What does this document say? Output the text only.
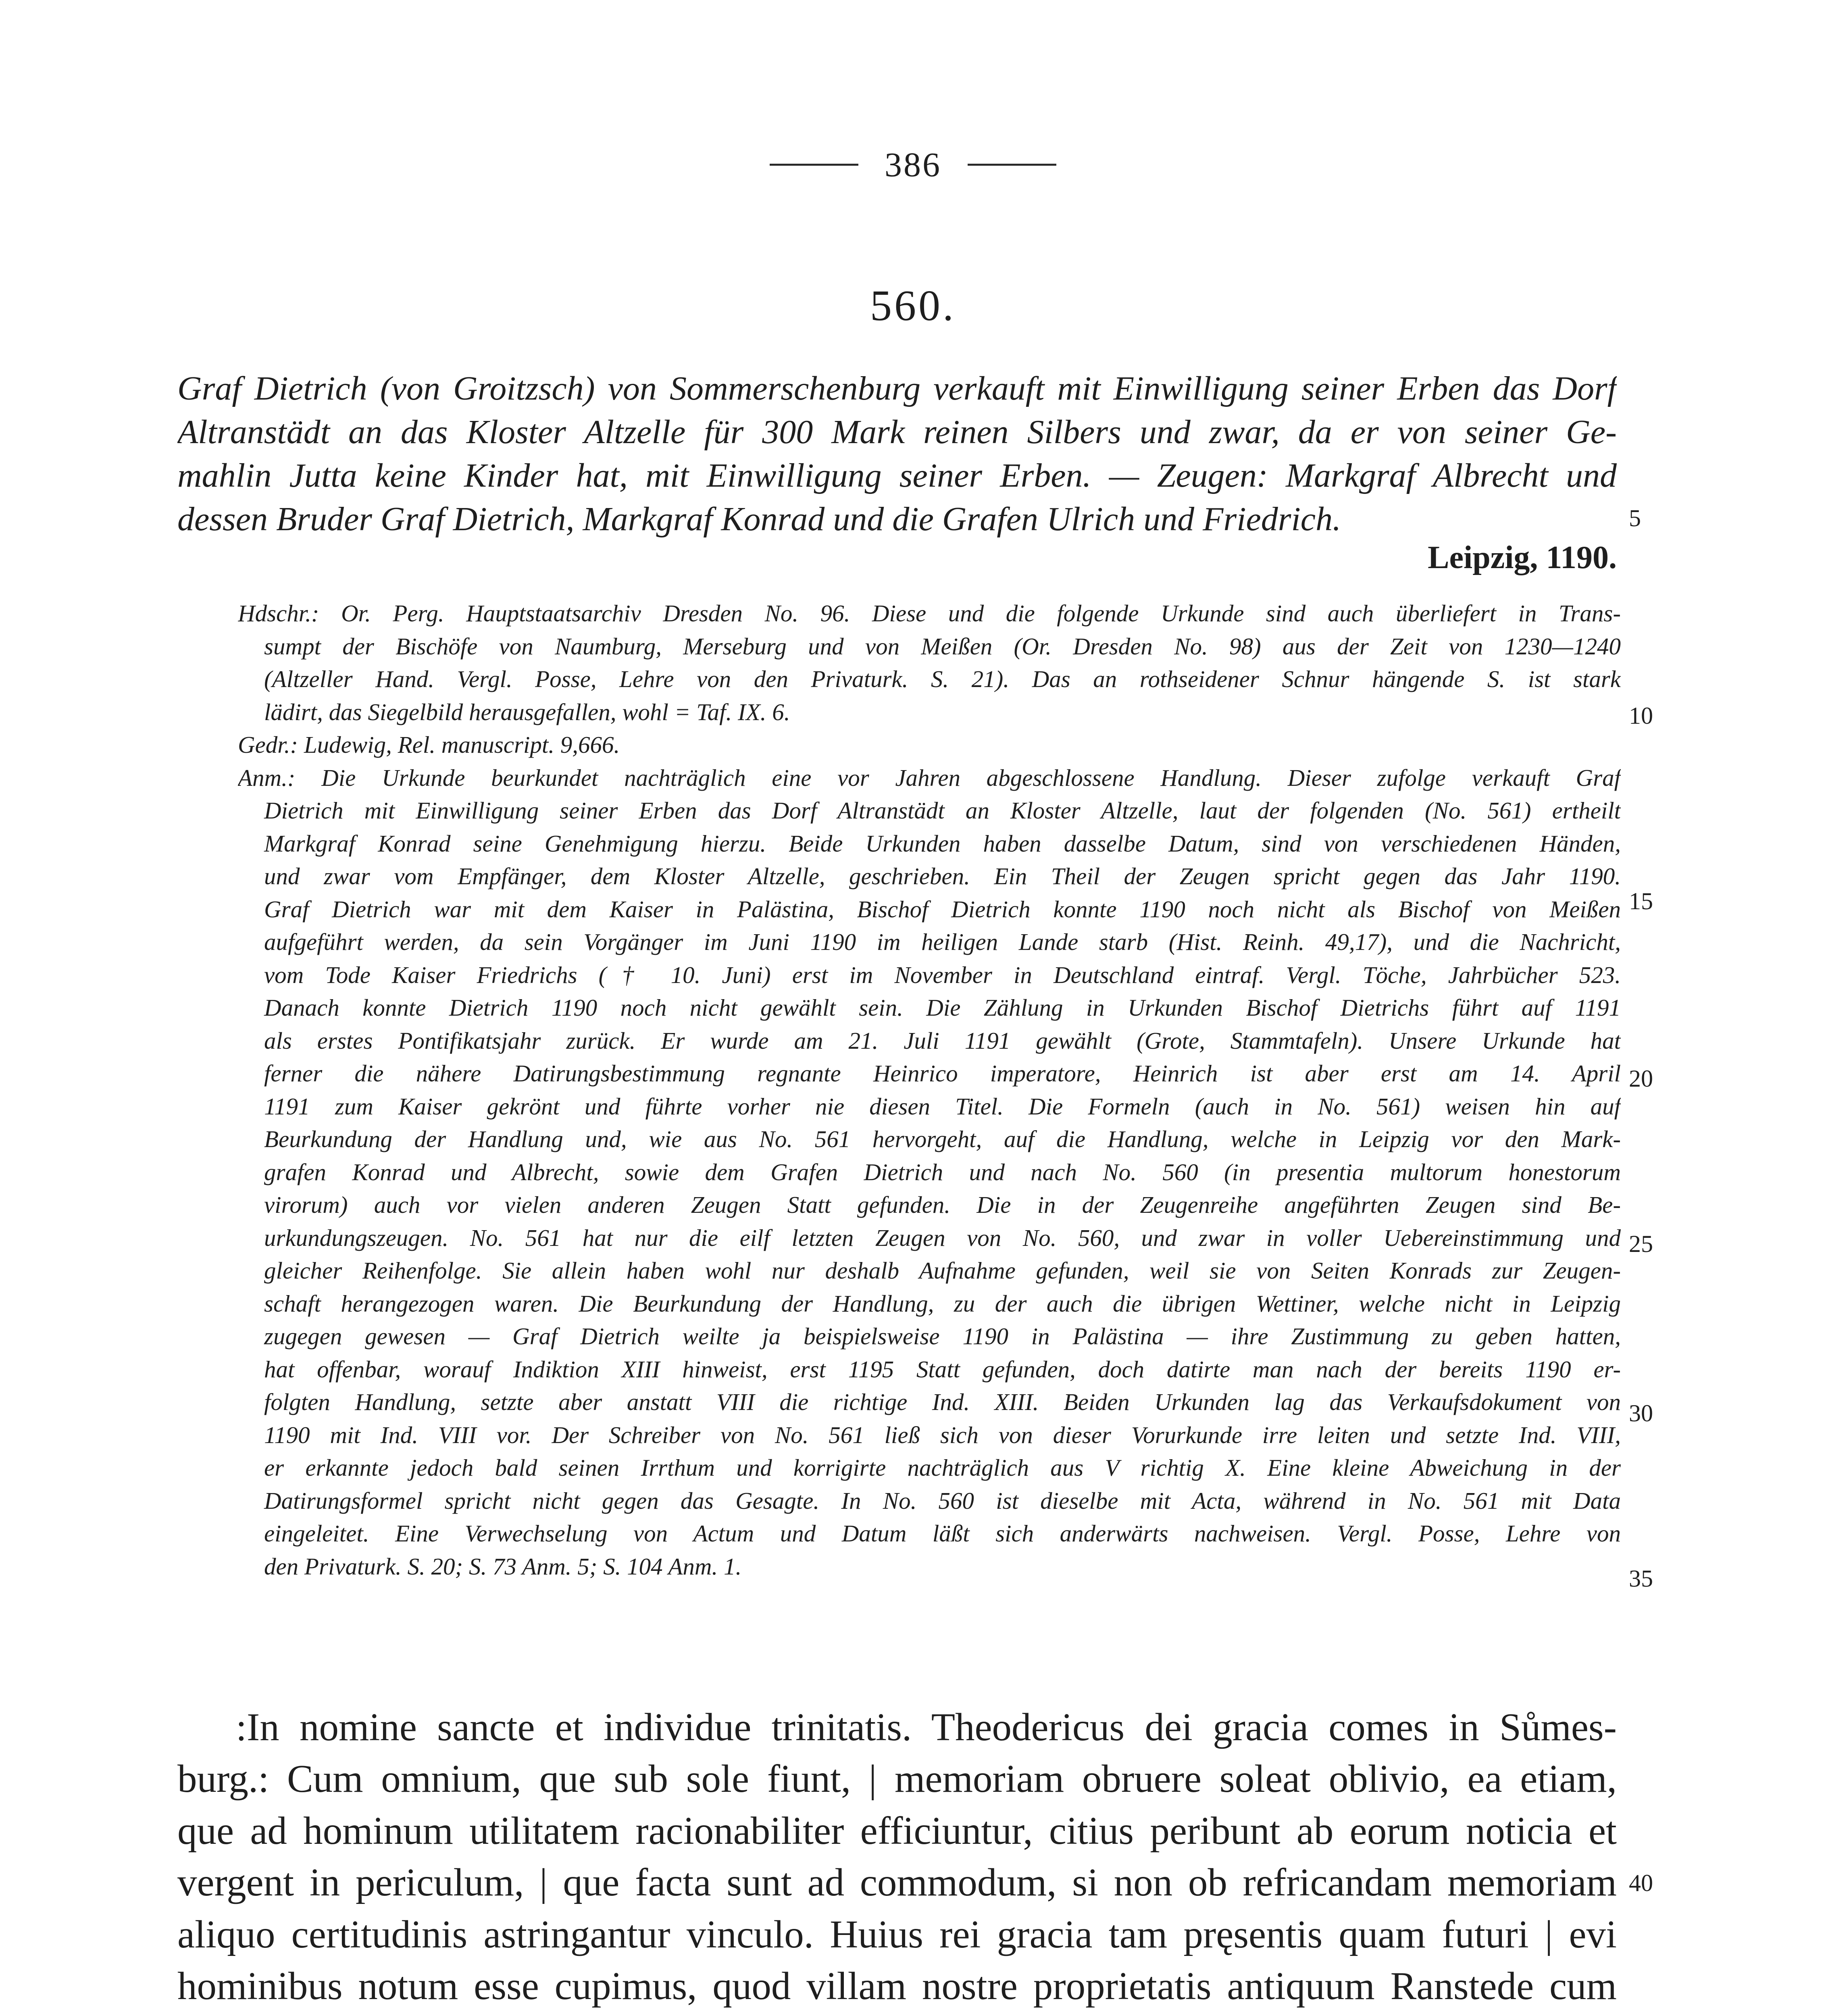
386
560.
Graf Dietrich (von Groitzsch) von Sommerschenburg verkauft mit Einwilligung seiner Erben das Dorf
Altranstädt an das Kloster Altzelle für 300 Mark reinen Silbers und zwar, da er von seiner Ge-
mahlin Jutta keine Kinder hat, mit Einwilligung seiner Erben. — Zeugen: Markgraf Albrecht und
dessen Bruder Graf Dietrich, Markgraf Konrad und die Grafen Ulrich und Friedrich.
Leipzig, 1190.
Hdschr.: Or. Perg. Hauptstaatsarchiv Dresden No. 96. Diese und die folgende Urkunde sind auch überliefert in Trans-
sumpt der Bischöfe von Naumburg, Merseburg und von Meißen (Or. Dresden No. 98) aus der Zeit von 1230—1240
(Altzeller Hand. Vergl. Posse, Lehre von den Privaturk. S. 21). Das an rothseidener Schnur hängende S. ist stark
lädirt, das Siegelbild herausgefallen, wohl = Taf. IX. 6.
Gedr.: Ludewig, Rel. manuscript. 9,666.
Anm.: Die Urkunde beurkundet nachträglich eine vor Jahren abgeschlossene Handlung. Dieser zufolge verkauft Graf
Dietrich mit Einwilligung seiner Erben das Dorf Altranstädt an Kloster Altzelle, laut der folgenden (No. 561) ertheilt
Markgraf Konrad seine Genehmigung hierzu. Beide Urkunden haben dasselbe Datum, sind von verschiedenen Händen,
und zwar vom Empfänger, dem Kloster Altzelle, geschrieben. Ein Theil der Zeugen spricht gegen das Jahr 1190.
Graf Dietrich war mit dem Kaiser in Palästina, Bischof Dietrich konnte 1190 noch nicht als Bischof von Meißen
aufgeführt werden, da sein Vorgänger im Juni 1190 im heiligen Lande starb (Hist. Reinh. 49,17), und die Nachricht,
vom Tode Kaiser Friedrichs († 10. Juni) erst im November in Deutschland eintraf. Vergl. Töche, Jahrbücher 523.
Danach konnte Dietrich 1190 noch nicht gewählt sein. Die Zählung in Urkunden Bischof Dietrichs führt auf 1191
als erstes Pontifikatsjahr zurück. Er wurde am 21. Juli 1191 gewählt (Grote, Stammtafeln). Unsere Urkunde hat
ferner die nähere Datirungsbestimmung regnante Heinrico imperatore, Heinrich ist aber erst am 14. April
1191 zum Kaiser gekrönt und führte vorher nie diesen Titel. Die Formeln (auch in No. 561) weisen hin auf
Beurkundung der Handlung und, wie aus No. 561 hervorgeht, auf die Handlung, welche in Leipzig vor den Mark-
grafen Konrad und Albrecht, sowie dem Grafen Dietrich und nach No. 560 (in presentia multorum honestorum
virorum) auch vor vielen anderen Zeugen Statt gefunden. Die in der Zeugenreihe angeführten Zeugen sind Be-
urkundungszeugen. No. 561 hat nur die eilf letzten Zeugen von No. 560, und zwar in voller Uebereinstimmung und
gleicher Reihenfolge. Sie allein haben wohl nur deshalb Aufnahme gefunden, weil sie von Seiten Konrads zur Zeugen-
schaft herangezogen waren. Die Beurkundung der Handlung, zu der auch die übrigen Wettiner, welche nicht in Leipzig
zugegen gewesen — Graf Dietrich weilte ja beispielsweise 1190 in Palästina — ihre Zustimmung zu geben hatten,
hat offenbar, worauf Indiktion XIII hinweist, erst 1195 Statt gefunden, doch datirte man nach der bereits 1190 er-
folgten Handlung, setzte aber anstatt VIII die richtige Ind. XIII. Beiden Urkunden lag das Verkaufsdokument von
1190 mit Ind. VIII vor. Der Schreiber von No. 561 ließ sich von dieser Vorurkunde irre leiten und setzte Ind. VIII,
er erkannte jedoch bald seinen Irrthum und korrigirte nachträglich aus V richtig X. Eine kleine Abweichung in der
Datirungsformel spricht nicht gegen das Gesagte. In No. 560 ist dieselbe mit Acta, während in No. 561 mit Data
eingeleitet. Eine Verwechselung von Actum und Datum läßt sich anderwärts nachweisen. Vergl. Posse, Lehre von
den Privaturk. S. 20; S. 73 Anm. 5; S. 104 Anm. 1.
:In nomine sancte et individue trinitatis. Theodericus dei gracia comes in Sůmes-
burg.: Cum omnium, que sub sole fiunt, | memoriam obruere soleat oblivio, ea etiam,
que ad hominum utilitatem racionabiliter efficiuntur, citius peribunt ab eorum noticia et
vergent in periculum, | que facta sunt ad commodum, si non ob refricandam memoriam
aliquo certitudinis astringantur vinculo. Huius rei gracia tam pręsentis quam futuri | evi
hominibus notum esse cupimus, quod villam nostre proprietatis antiquum Ranstede cum
5
10
15
20
25
30
35
40
